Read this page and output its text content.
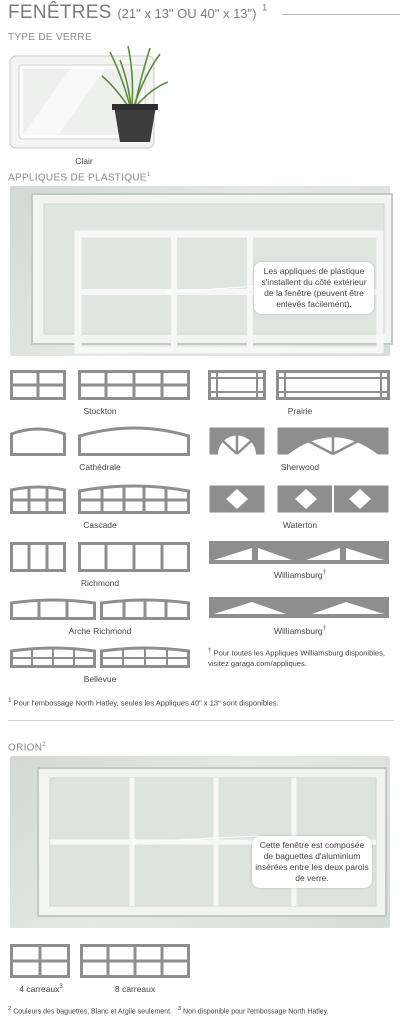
FENÊTRES (21" x 13" OU 40" x 13") $^1$
TYPE DE VERRE
Clair
APPLIQUES DE PLASTIQUE$^1$
Les appliques de plastique s'installent du côté extérieur de la fenêtre (peuvent être enlevés facilement).
Stockton	Prairie
Cathédrale	Sherwood
Cascade	Waterton
Richmond
Williamsburg†
Arche Richmond	Williamsburg†
Bellevue
† Pour toutes les Appliques Williamsburg disponibles, visitez garaga.com/appliques.
$^1$ Pour l'embossage North Hatley, seules les Appliques 40" x 13" sont disponibles.
ORION$^2$
Cette fenêtre est composée de baguettes d'aluminium insérées entre les deux parois de verre.
4 carreaux$^3$	8 carreaux
$^2$ Couleurs des baguettes, Blanc et Argile seulement. $^3$ Non disponible pour l'embossage North Hatley.
